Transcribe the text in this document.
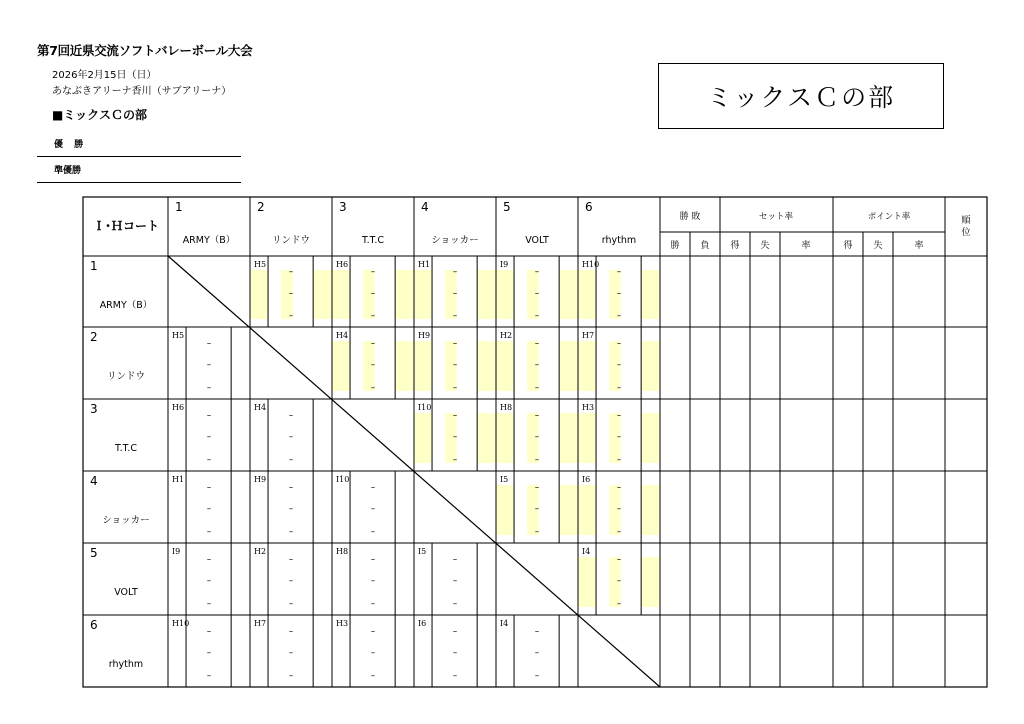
第7回近県交流ソフトバレーボール大会
2026年2月15日（日）
あなぶきアリーナ香川（サブアリーナ）
■ミックスＣの部
優 勝
準優勝
ミックスＣの部
Ｉ･Ｈコート
1
ARMY（B）
2
リンドウ
3
T.T.C
4
ショッカー
5
VOLT
6
rhythm
1
ARMY（B）
2
リンドウ
3
T.T.C
4
ショッカー
5
VOLT
6
rhythm
勝 敗
勝 負
セット率
得 失	率
ポイント率
得 失	率
順
位
H5
–
–
–
H6
–
–
–
H1
–
–
–
I9
–
–
–
H10
–
–
–
H5
–
–
–
H4
–
–
–
H9
–
–
–
H2
–
–
–
H7
–
–
–
H6
–
–
–
H4
–
–
–
I10
–
–
–
H8
–
–
–
H3
–
–
–
H1
–
–
–
H9
–
–
–
I10
–
–
–
I5
–
–
–
I6
–
–
–
I9
–
–
–
H2
–
–
–
H8
–
–
–
I5
–
–
–
I4
–
–
–
H10
–
–
–
H7
–
–
–
H3
–
–
–
I6
–
–
–
I4
–
–
–
